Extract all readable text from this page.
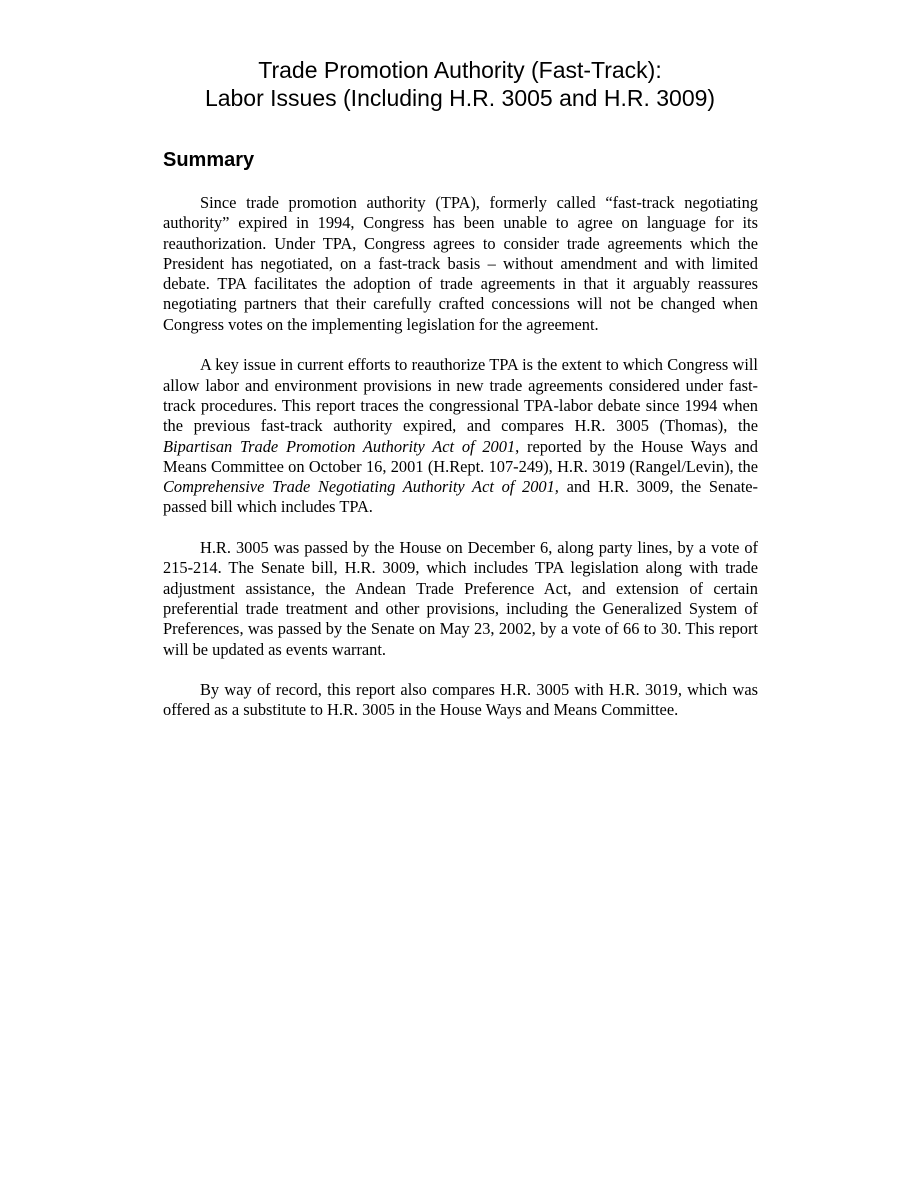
Trade Promotion Authority (Fast-Track):
Labor Issues (Including H.R. 3005 and H.R. 3009)
Summary

Since trade promotion authority (TPA), formerly called “fast-track negotiating authority” expired in 1994, Congress has been unable to agree on language for its reauthorization. Under TPA, Congress agrees to consider trade agreements which the President has negotiated, on a fast-track basis – without amendment and with limited debate. TPA facilitates the adoption of trade agreements in that it arguably reassures negotiating partners that their carefully crafted concessions will not be changed when Congress votes on the implementing legislation for the agreement.

A key issue in current efforts to reauthorize TPA is the extent to which Congress will allow labor and environment provisions in new trade agreements considered under fast-track procedures. This report traces the congressional TPA-labor debate since 1994 when the previous fast-track authority expired, and compares H.R. 3005 (Thomas), the Bipartisan Trade Promotion Authority Act of 2001, reported by the House Ways and Means Committee on October 16, 2001 (H.Rept. 107-249), H.R. 3019 (Rangel/Levin), the Comprehensive Trade Negotiating Authority Act of 2001, and H.R. 3009, the Senate-passed bill which includes TPA.

H.R. 3005 was passed by the House on December 6, along party lines, by a vote of 215-214. The Senate bill, H.R. 3009, which includes TPA legislation along with trade adjustment assistance, the Andean Trade Preference Act, and extension of certain preferential trade treatment and other provisions, including the Generalized System of Preferences, was passed by the Senate on May 23, 2002, by a vote of 66 to 30. This report will be updated as events warrant.

By way of record, this report also compares H.R. 3005 with H.R. 3019, which was offered as a substitute to H.R. 3005 in the House Ways and Means Committee.
